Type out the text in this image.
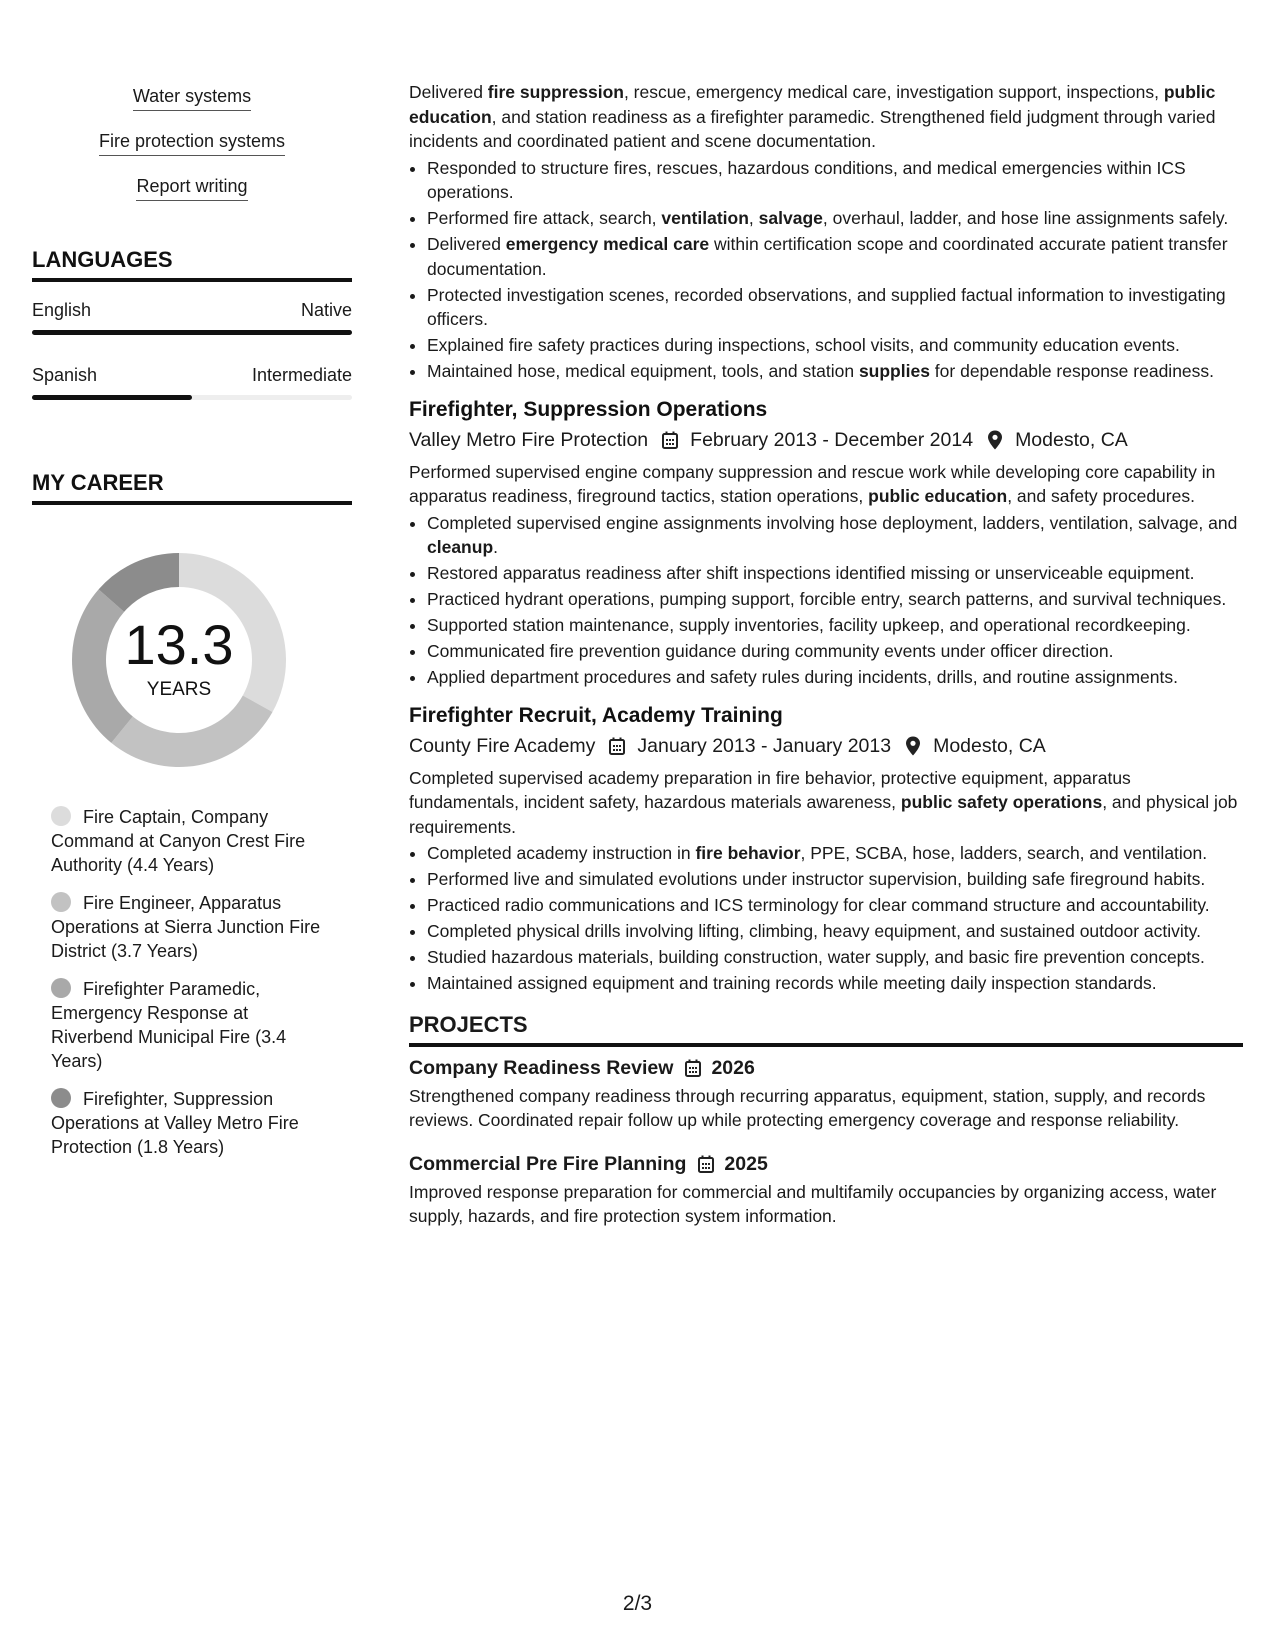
Water systems
Fire protection systems
Report writing
LANGUAGES
English	Native
Spanish	Intermediate
MY CAREER
13.3
YEARS
Fire Captain, Company Command at Canyon Crest Fire Authority (4.4 Years)
Fire Engineer, Apparatus Operations at Sierra Junction Fire District (3.7 Years)
Firefighter Paramedic, Emergency Response at Riverbend Municipal Fire (3.4 Years)
Firefighter, Suppression Operations at Valley Metro Fire Protection (1.8 Years)

Delivered fire suppression, rescue, emergency medical care, investigation support, inspections, public education, and station readiness as a firefighter paramedic. Strengthened field judgment through varied incidents and coordinated patient and scene documentation.

• Responded to structure fires, rescues, hazardous conditions, and medical emergencies within ICS operations.
• Performed fire attack, search, ventilation, salvage, overhaul, ladder, and hose line assignments safely.
• Delivered emergency medical care within certification scope and coordinated accurate patient transfer documentation.
• Protected investigation scenes, recorded observations, and supplied factual information to investigating officers.
• Explained fire safety practices during inspections, school visits, and community education events.
• Maintained hose, medical equipment, tools, and station supplies for dependable response readiness.
Firefighter, Suppression Operations
Valley Metro Fire Protection February 2013 - December 2014 Modesto, CA

Performed supervised engine company suppression and rescue work while developing core capability in apparatus readiness, fireground tactics, station operations, public education, and safety procedures.

• Completed supervised engine assignments involving hose deployment, ladders, ventilation, salvage, and cleanup.
• Restored apparatus readiness after shift inspections identified missing or unserviceable equipment.
• Practiced hydrant operations, pumping support, forcible entry, search patterns, and survival techniques.
• Supported station maintenance, supply inventories, facility upkeep, and operational recordkeeping.
• Communicated fire prevention guidance during community events under officer direction.
• Applied department procedures and safety rules during incidents, drills, and routine assignments.
Firefighter Recruit, Academy Training
County Fire Academy January 2013 - January 2013 Modesto, CA

Completed supervised academy preparation in fire behavior, protective equipment, apparatus fundamentals, incident safety, hazardous materials awareness, public safety operations, and physical job requirements.

• Completed academy instruction in fire behavior, PPE, SCBA, hose, ladders, search, and ventilation.
• Performed live and simulated evolutions under instructor supervision, building safe fireground habits.
• Practiced radio communications and ICS terminology for clear command structure and accountability.
• Completed physical drills involving lifting, climbing, heavy equipment, and sustained outdoor activity.
• Studied hazardous materials, building construction, water supply, and basic fire prevention concepts.
• Maintained assigned equipment and training records while meeting daily inspection standards.
PROJECTS
Company Readiness Review 2026

Strengthened company readiness through recurring apparatus, equipment, station, supply, and records reviews. Coordinated repair follow up while protecting emergency coverage and response reliability.

Commercial Pre Fire Planning 2025

Improved response preparation for commercial and multifamily occupancies by organizing access, water supply, hazards, and fire protection system information.

2/3
